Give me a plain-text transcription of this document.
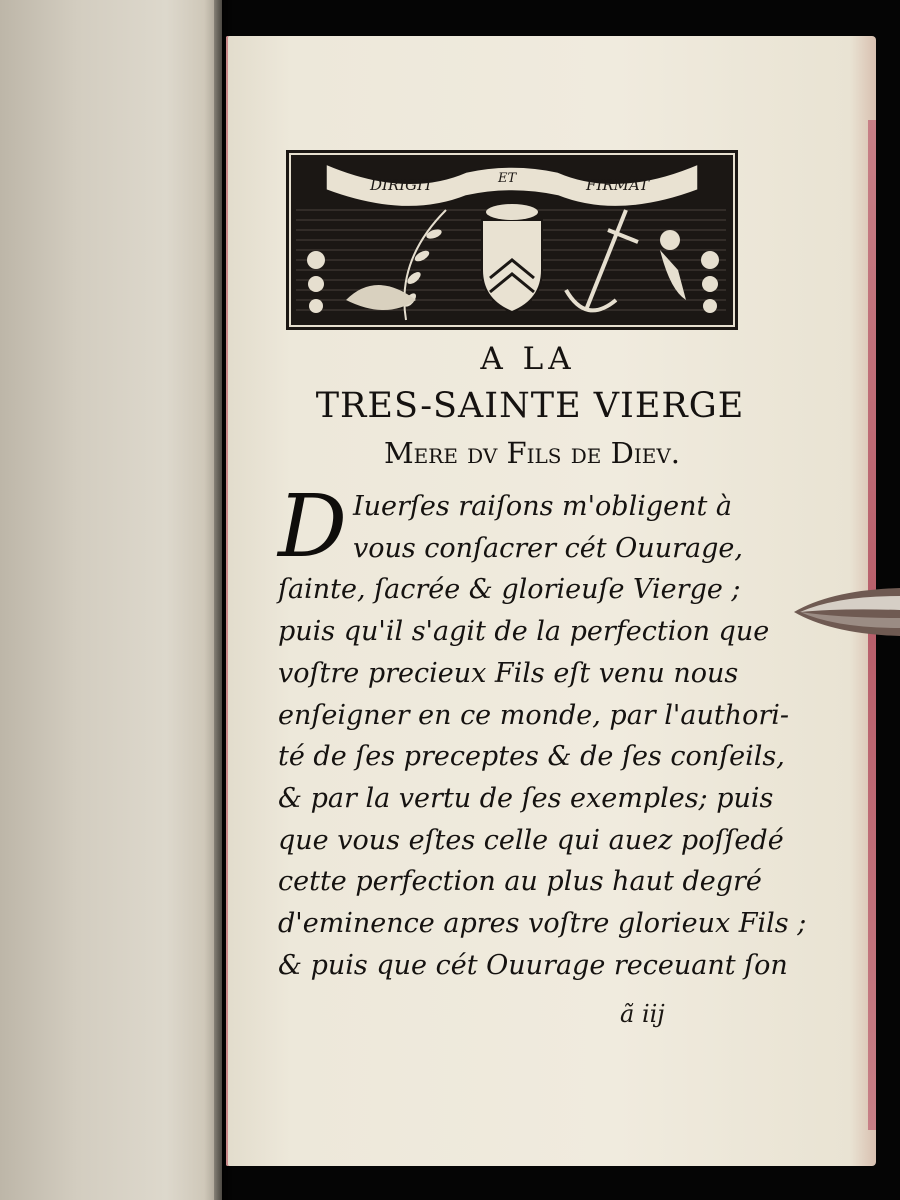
DIRIGIT	ET	FIRMAT

A LA

TRES-SAINTE VIERGE

Mere dv Fils de Diev.

D Iuerſes raiſons m'obligent à
vous conſacrer cét Ouurage,
ſainte, ſacrée & glorieuſe Vierge ;
puis qu'il s'agit de la perfection que
voſtre precieux Fils eſt venu nous
enſeigner en ce monde, par l'authori-
té de ſes preceptes & de ſes conſeils,
& par la vertu de ſes exemples; puis
que vous eſtes celle qui auez poſſedé
cette perfection au plus haut degré
d'eminence apres voſtre glorieux Fils ;
& puis que cét Ouurage receuant ſon
ã iij
